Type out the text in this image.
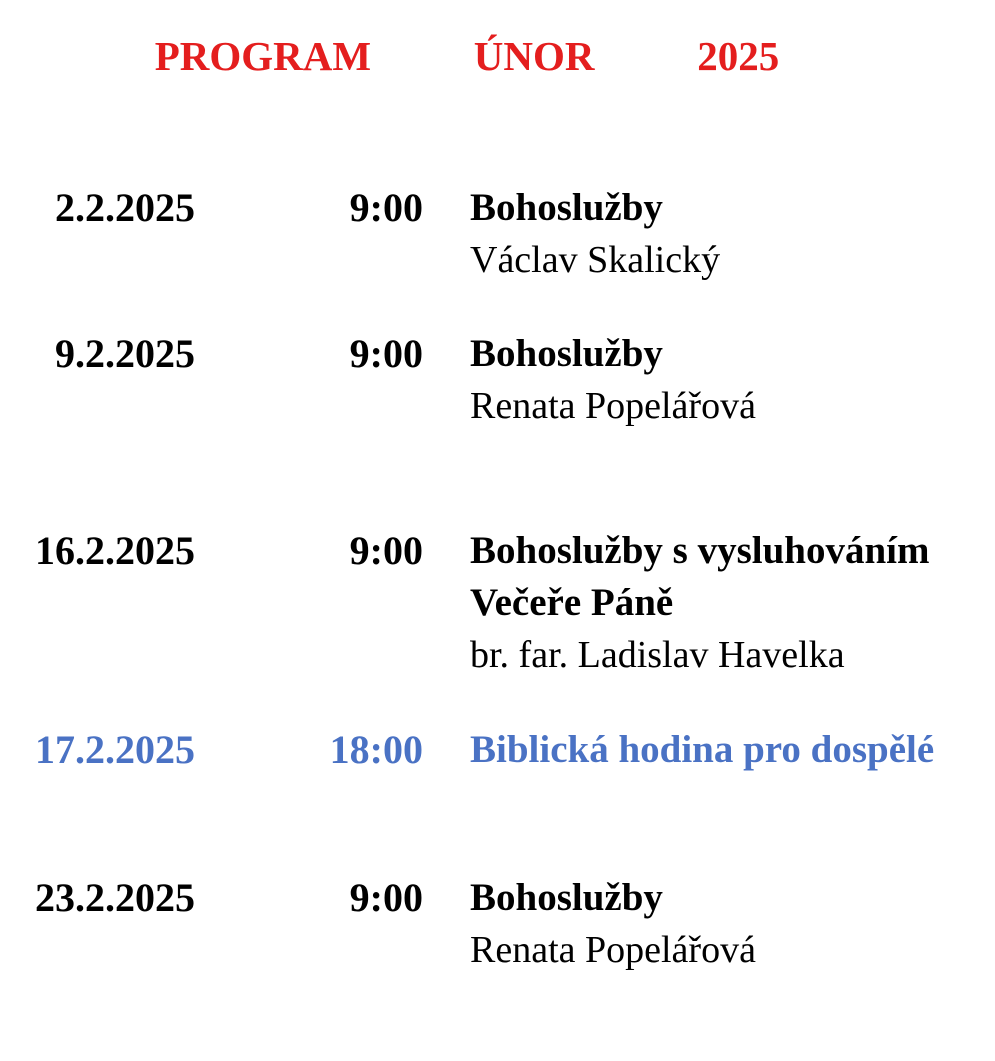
PROGRAM   ÚNOR   2025
2.2.2025	9:00 Bohoslužby
Václav Skalický
9.2.2025	9:00 Bohoslužby
Renata Popelářová
16.2.2025	9:00 Bohoslužby s vysluhováním
Večeře Páně
br. far. Ladislav Havelka
17.2.2025	18:00 Biblická hodina pro dospělé
23.2.2025	9:00 Bohoslužby
Renata Popelářová
